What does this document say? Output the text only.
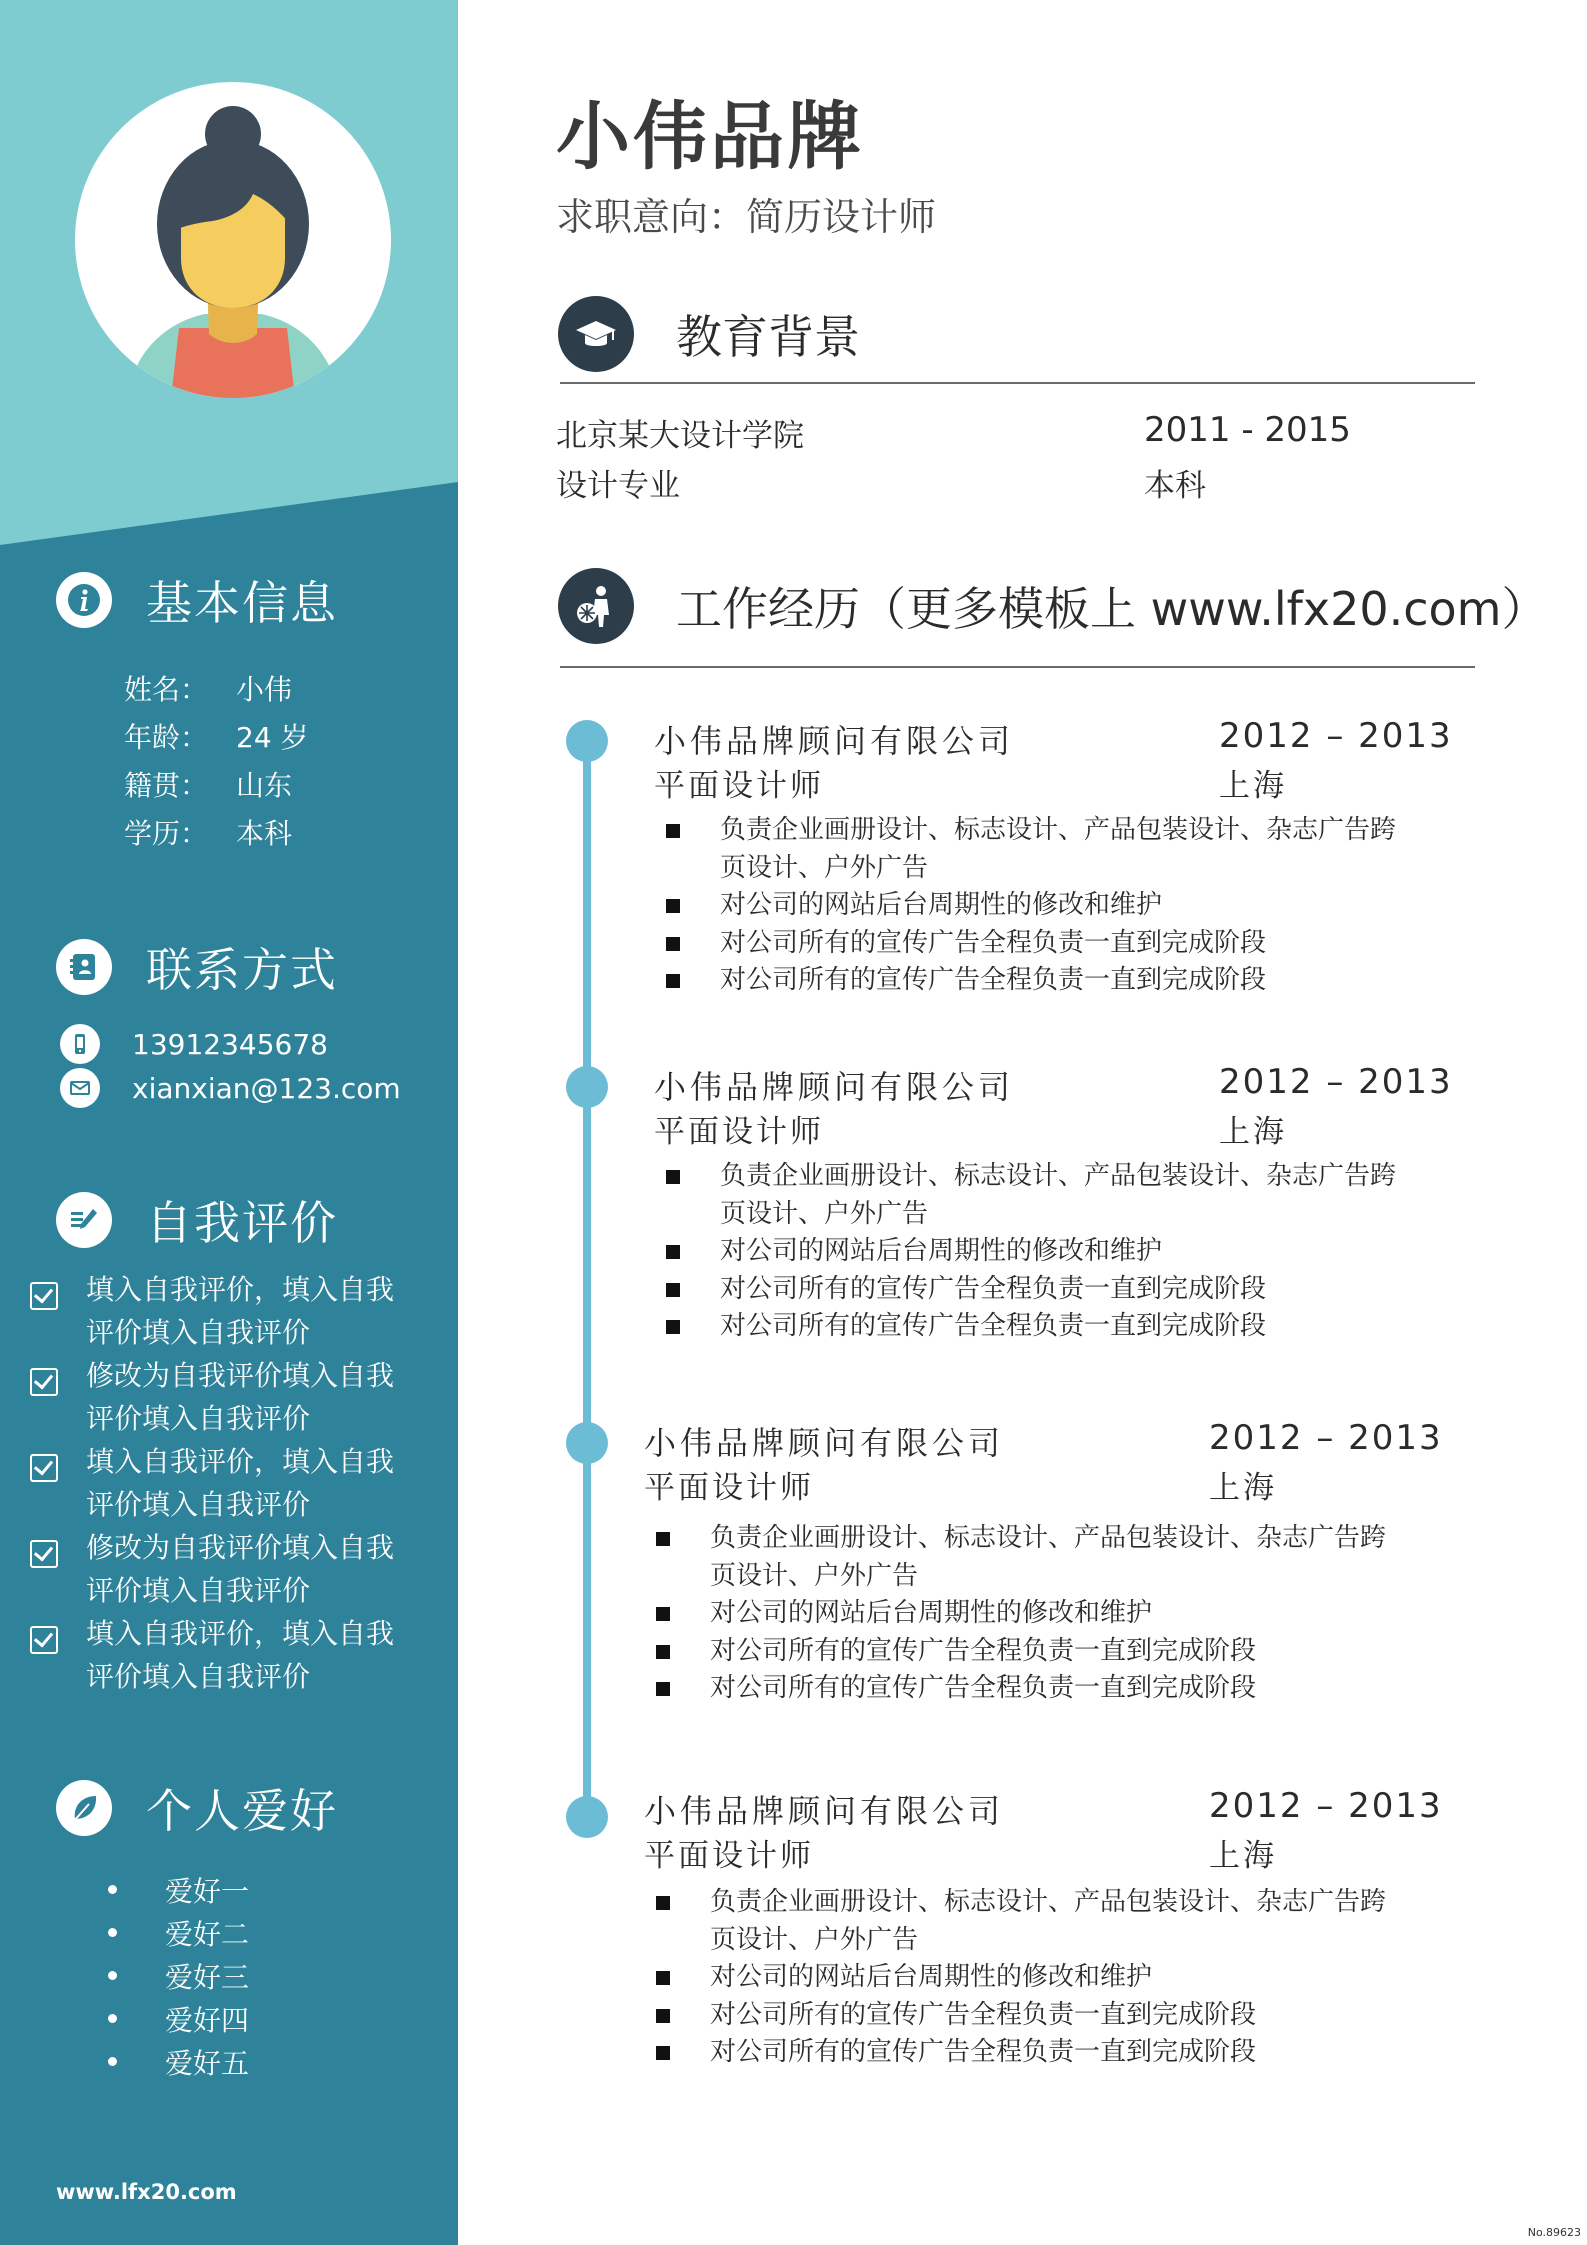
基本信息
姓名： 小伟
年龄： 24 岁
籍贯： 山东
学历： 本科
联系方式
13912345678
xianxian@123.com
自我评价
填入自我评价，填入自我评价填入自我评价
修改为自我评价填入自我评价填入自我评价
填入自我评价，填入自我评价填入自我评价
修改为自我评价填入自我评价填入自我评价
填入自我评价，填入自我评价填入自我评价
个人爱好
爱好一
爱好二
爱好三
爱好四
爱好五
www.lfx20.com
小伟品牌
求职意向：简历设计师
教育背景
北京某大设计学院	2011 - 2015
设计专业	本科
工作经历（更多模板上 www.lfx20.com）
小伟品牌顾问有限公司	2012 – 2013
平面设计师	上海
负责企业画册设计、标志设计、产品包装设计、杂志广告跨页设计、户外广告
对公司的网站后台周期性的修改和维护
对公司所有的宣传广告全程负责一直到完成阶段
对公司所有的宣传广告全程负责一直到完成阶段
小伟品牌顾问有限公司	2012 – 2013
平面设计师	上海
负责企业画册设计、标志设计、产品包装设计、杂志广告跨页设计、户外广告
对公司的网站后台周期性的修改和维护
对公司所有的宣传广告全程负责一直到完成阶段
对公司所有的宣传广告全程负责一直到完成阶段
小伟品牌顾问有限公司	2012 – 2013
平面设计师	上海
负责企业画册设计、标志设计、产品包装设计、杂志广告跨页设计、户外广告
对公司的网站后台周期性的修改和维护
对公司所有的宣传广告全程负责一直到完成阶段
对公司所有的宣传广告全程负责一直到完成阶段
小伟品牌顾问有限公司	2012 – 2013
平面设计师	上海
负责企业画册设计、标志设计、产品包装设计、杂志广告跨页设计、户外广告
对公司的网站后台周期性的修改和维护
对公司所有的宣传广告全程负责一直到完成阶段
对公司所有的宣传广告全程负责一直到完成阶段
No.89623
